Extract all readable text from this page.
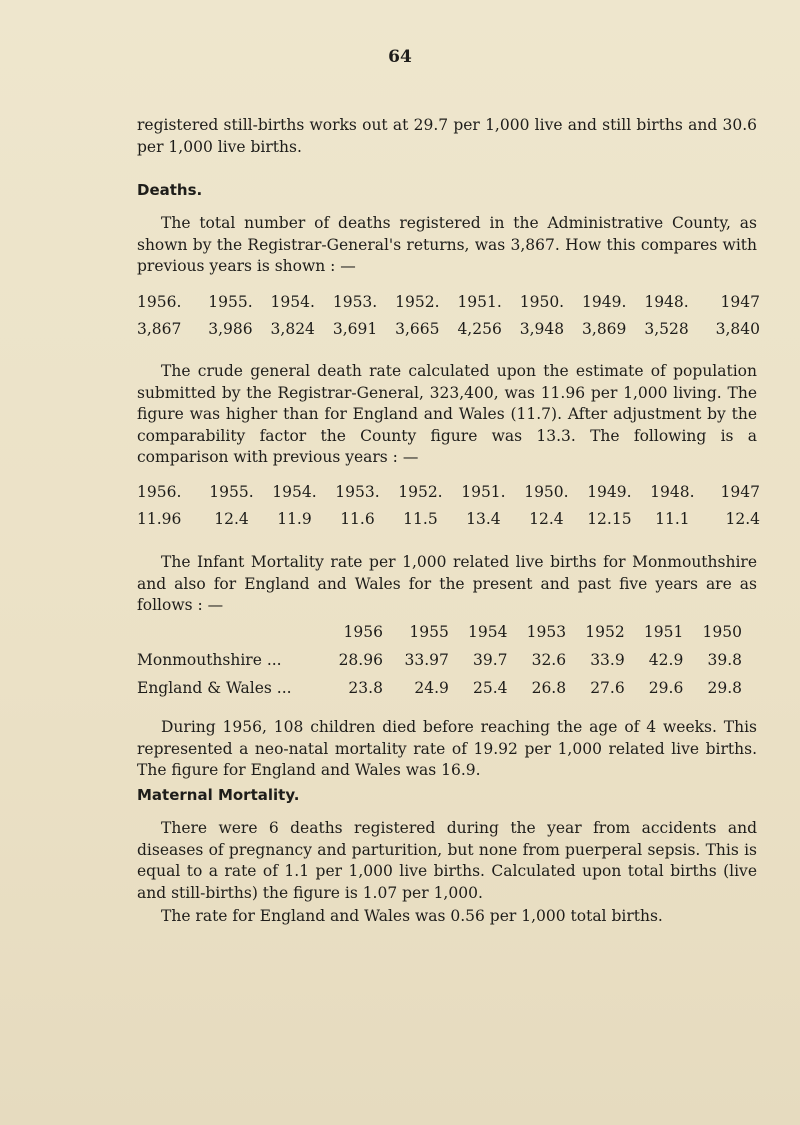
64

registered still-births works out at 29.7 per 1,000 live and still births and 30.6 per 1,000 live births.

Deaths.

The total number of deaths registered in the Administrative County, as shown by the Registrar-General's returns, was 3,867. How this compares with previous years is shown : —

1956.	1955.	1954.	1953.	1952.	1951.	1950.	1949.	1948.	1947
3,867	3,986	3,824	3,691	3,665	4,256	3,948	3,869	3,528	3,840

The crude general death rate calculated upon the estimate of population submitted by the Registrar-General, 323,400, was 11.96 per 1,000 living. The figure was higher than for England and Wales (11.7). After adjustment by the comparability factor the County figure was 13.3. The following is a comparison with previous years : —

1956.	1955.	1954.	1953.	1952.	1951.	1950.	1949.	1948.	1947
11.96	12.4	11.9	11.6	11.5	13.4	12.4	12.15	11.1	12.4

The Infant Mortality rate per 1,000 related live births for Monmouthshire and also for England and Wales for the present and past five years are as follows : —

	1956	1955	1954	1953	1952	1951	1950
Monmouthshire ...	28.96	33.97	39.7	32.6	33.9	42.9	39.8
England & Wales ...	23.8	24.9	25.4	26.8	27.6	29.6	29.8

During 1956, 108 children died before reaching the age of 4 weeks. This represented a neo-natal mortality rate of 19.92 per 1,000 related live births. The figure for England and Wales was 16.9.

Maternal Mortality.

There were 6 deaths registered during the year from accidents and diseases of pregnancy and parturition, but none from puerperal sepsis. This is equal to a rate of 1.1 per 1,000 live births. Calculated upon total births (live and still-births) the figure is 1.07 per 1,000.

The rate for England and Wales was 0.56 per 1,000 total births.
